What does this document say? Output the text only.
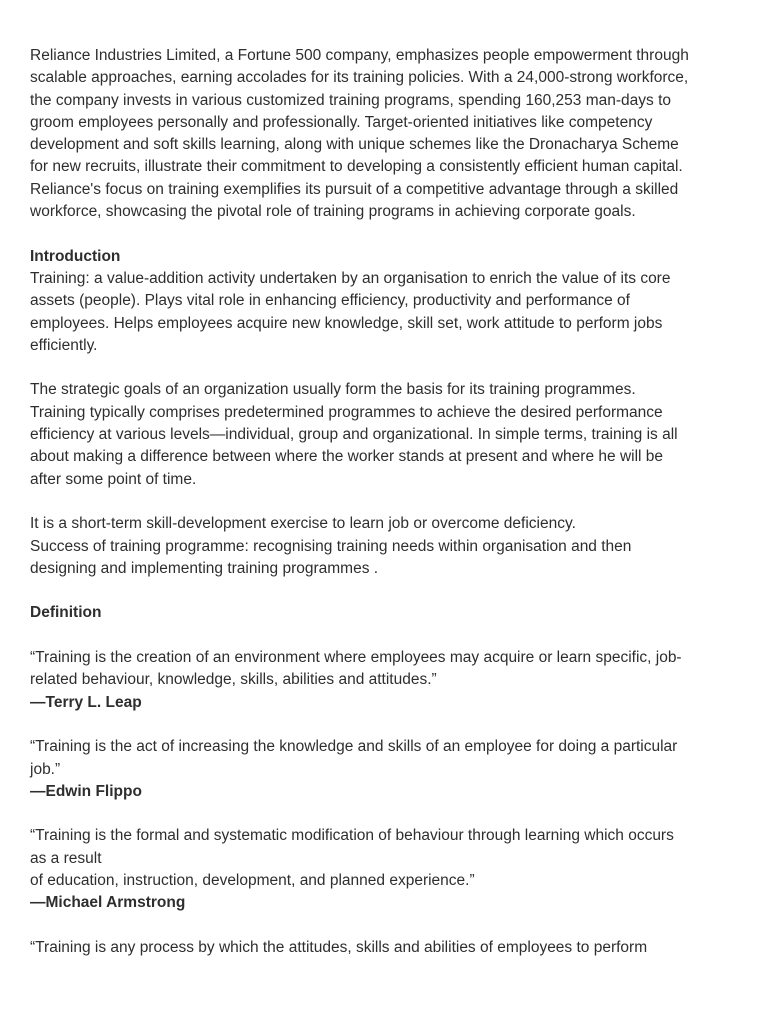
Reliance Industries Limited, a Fortune 500 company, emphasizes people empowerment through
scalable approaches, earning accolades for its training policies. With a 24,000-strong workforce,
the company invests in various customized training programs, spending 160,253 man-days to
groom employees personally and professionally. Target-oriented initiatives like competency
development and soft skills learning, along with unique schemes like the Dronacharya Scheme
for new recruits, illustrate their commitment to developing a consistently efficient human capital.
Reliance's focus on training exemplifies its pursuit of a competitive advantage through a skilled
workforce, showcasing the pivotal role of training programs in achieving corporate goals.
Introduction
Training: a value-addition activity undertaken by an organisation to enrich the value of its core
assets (people). Plays vital role in enhancing efficiency, productivity and performance of
employees. Helps employees acquire new knowledge, skill set, work attitude to perform jobs
efficiently.
The strategic goals of an organization usually form the basis for its training programmes.
Training typically comprises predetermined programmes to achieve the desired performance
efficiency at various levels—individual, group and organizational. In simple terms, training is all
about making a difference between where the worker stands at present and where he will be
after some point of time.
It is a short-term skill-development exercise to learn job or overcome deficiency.
Success of training programme: recognising training needs within organisation and then
designing and implementing training programmes .
Definition
“Training is the creation of an environment where employees may acquire or learn specific, job-
related behaviour, knowledge, skills, abilities and attitudes.”
—Terry L. Leap
“Training is the act of increasing the knowledge and skills of an employee for doing a particular
job.”
—Edwin Flippo
“Training is the formal and systematic modification of behaviour through learning which occurs
as a result
of education, instruction, development, and planned experience.”
—Michael Armstrong
“Training is any process by which the attitudes, skills and abilities of employees to perform
